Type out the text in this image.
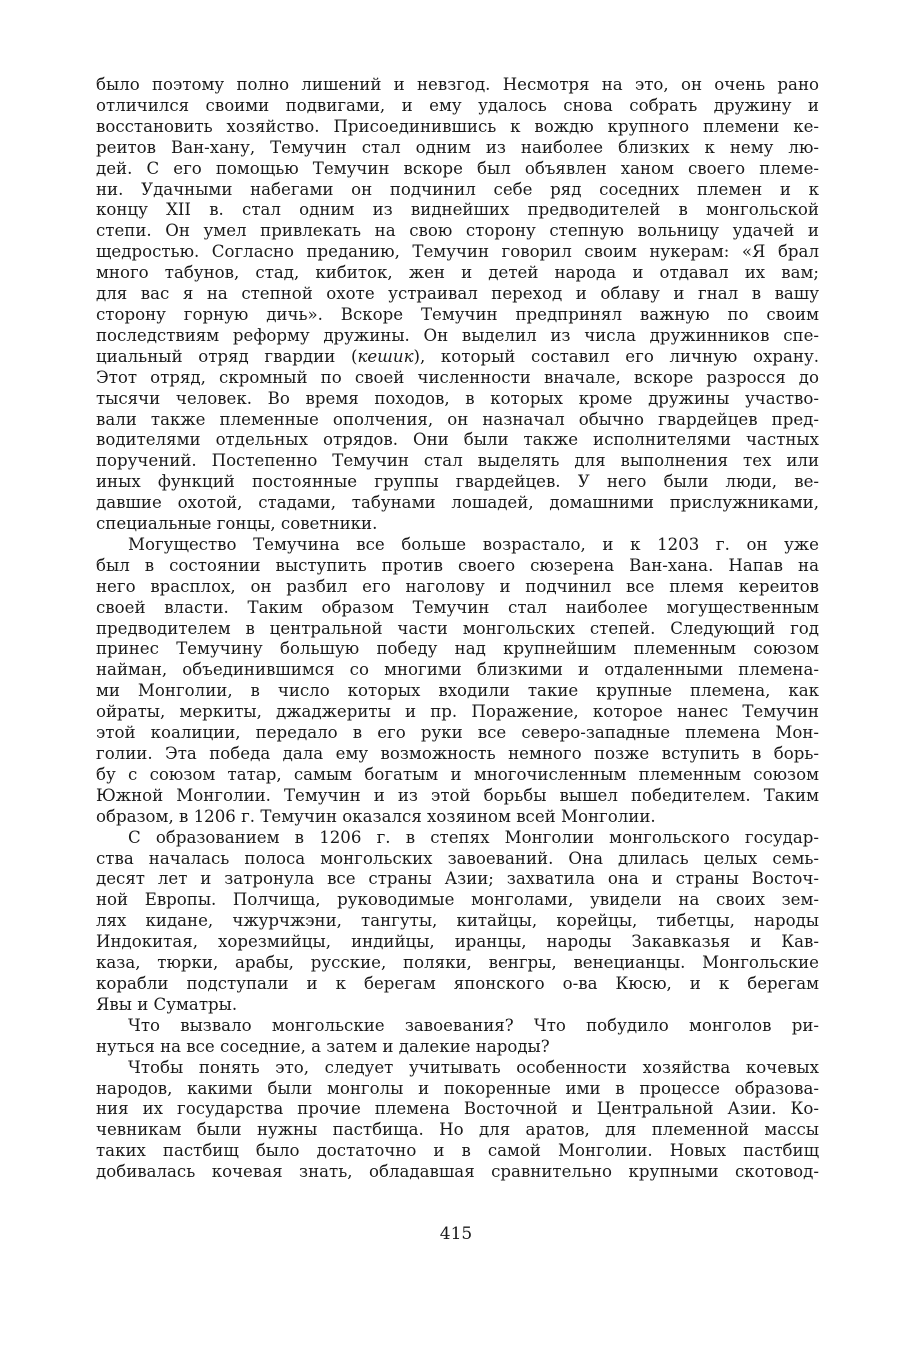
было поэтому полно лишений и невзгод. Несмотря на это, он очень рано
отличился своими подвигами, и ему удалось снова собрать дружину и
восстановить хозяйство. Присоединившись к вождю крупного племени ке-
реитов Ван-хану, Темучин стал одним из наиболее близких к нему лю-
дей. С его помощью Темучин вскоре был объявлен ханом своего племе-
ни. Удачными набегами он подчинил себе ряд соседних племен и к
концу XII в. стал одним из виднейших предводителей в монгольской
степи. Он умел привлекать на свою сторону степную вольницу удачей и
щедростью. Согласно преданию, Темучин говорил своим нукерам: «Я брал
много табунов, стад, кибиток, жен и детей народа и отдавал их вам;
для вас я на степной охоте устраивал переход и облаву и гнал в вашу
сторону горную дичь». Вскоре Темучин предпринял важную по своим
последствиям реформу дружины. Он выделил из числа дружинников спе-
циальный отряд гвардии (кешик), который составил его личную охрану.
Этот отряд, скромный по своей численности вначале, вскоре разросся до
тысячи человек. Во время походов, в которых кроме дружины участво-
вали также племенные ополчения, он назначал обычно гвардейцев пред-
водителями отдельных отрядов. Они были также исполнителями частных
поручений. Постепенно Темучин стал выделять для выполнения тех или
иных функций постоянные группы гвардейцев. У него были люди, ве-
давшие охотой, стадами, табунами лошадей, домашними прислужниками,
специальные гонцы, советники.
Могущество Темучина все больше возрастало, и к 1203 г. он уже
был в состоянии выступить против своего сюзерена Ван-хана. Напав на
него врасплох, он разбил его наголову и подчинил все племя кереитов
своей власти. Таким образом Темучин стал наиболее могущественным
предводителем в центральной части монгольских степей. Следующий год
принес Темучину большую победу над крупнейшим племенным союзом
найман, объединившимся со многими близкими и отдаленными племена-
ми Монголии, в число которых входили такие крупные племена, как
ойраты, меркиты, джаджериты и пр. Поражение, которое нанес Темучин
этой коалиции, передало в его руки все северо-западные племена Мон-
голии. Эта победа дала ему возможность немного позже вступить в борь-
бу с союзом татар, самым богатым и многочисленным племенным союзом
Южной Монголии. Темучин и из этой борьбы вышел победителем. Таким
образом, в 1206 г. Темучин оказался хозяином всей Монголии.
С образованием в 1206 г. в степях Монголии монгольского государ-
ства началась полоса монгольских завоеваний. Она длилась целых семь-
десят лет и затронула все страны Азии; захватила она и страны Восточ-
ной Европы. Полчища, руководимые монголами, увидели на своих зем-
лях кидане, чжурчжэни, тангуты, китайцы, корейцы, тибетцы, народы
Индокитая, хорезмийцы, индийцы, иранцы, народы Закавказья и Кав-
каза, тюрки, арабы, русские, поляки, венгры, венецианцы. Монгольские
корабли подступали и к берегам японского о-ва Кюсю, и к берегам
Явы и Суматры.
Что вызвало монгольские завоевания? Что побудило монголов ри-
нуться на все соседние, а затем и далекие народы?
Чтобы понять это, следует учитывать особенности хозяйства кочевых
народов, какими были монголы и покоренные ими в процессе образова-
ния их государства прочие племена Восточной и Центральной Азии. Ко-
чевникам были нужны пастбища. Но для аратов, для племенной массы
таких пастбищ было достаточно и в самой Монголии. Новых пастбищ
добивалась кочевая знать, обладавшая сравнительно крупными скотовод-
415
